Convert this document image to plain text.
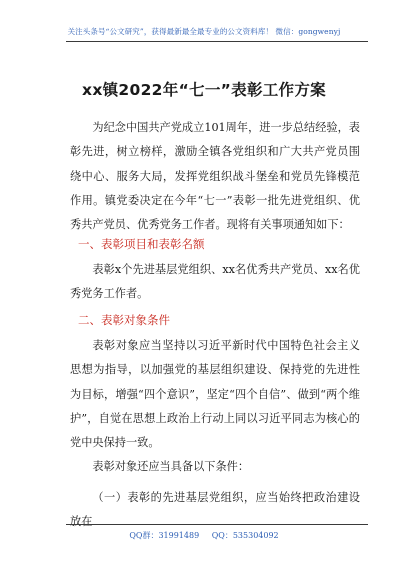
关注头条号“公文研究”，获得最新最全最专业的公文资料库！ 微信：gongwenyj
xx镇2022年“七一”表彰工作方案

为纪念中国共产党成立101周年，进一步总结经验，表彰先进，树立榜样，激励全镇各党组织和广大共产党员围绕中心、服务大局，发挥党组织战斗堡垒和党员先锋模范作用。镇党委决定在今年“七一”表彰一批先进党组织、优秀共产党员、优秀党务工作者。现将有关事项通知如下：

一、表彰项目和表彰名额

表彰x个先进基层党组织、xx名优秀共产党员、xx名优秀党务工作者。

二、表彰对象条件

表彰对象应当坚持以习近平新时代中国特色社会主义思想为指导，以加强党的基层组织建设、保持党的先进性为目标，增强“四个意识”，坚定“四个自信”、做到“两个维护”，自觉在思想上政治上行动上同以习近平同志为核心的党中央保持一致。

表彰对象还应当具备以下条件：

（一）表彰的先进基层党组织，应当始终把政治建设放在

QQ群：31991489 QQ：535304092
